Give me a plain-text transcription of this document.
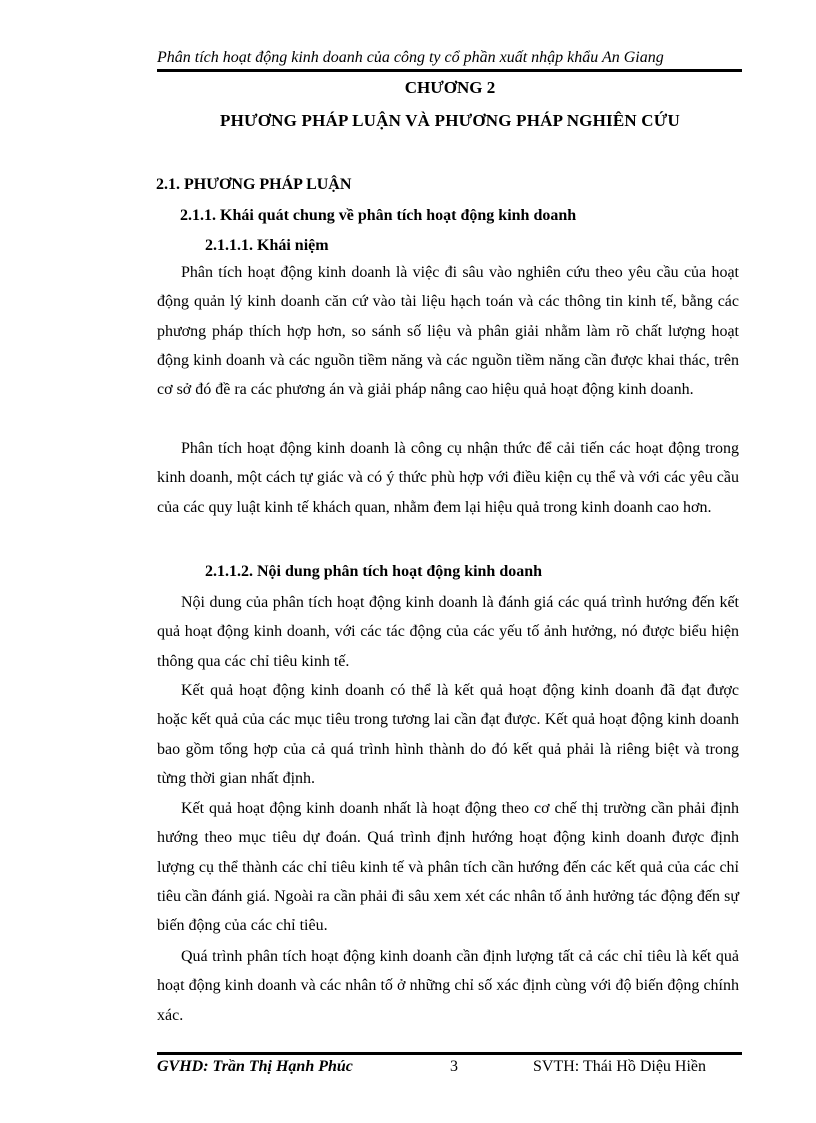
Phân tích hoạt động kinh doanh của công ty cổ phần xuất nhập khẩu An Giang
CHƯƠNG 2
PHƯƠNG PHÁP LUẬN VÀ PHƯƠNG PHÁP NGHIÊN CỨU
2.1. PHƯƠNG PHÁP LUẬN
2.1.1. Khái quát chung về phân tích hoạt động kinh doanh
2.1.1.1. Khái niệm

Phân tích hoạt động kinh doanh là việc đi sâu vào nghiên cứu theo yêu cầu của hoạt động quản lý kinh doanh căn cứ vào tài liệu hạch toán và các thông tin kinh tế, bằng các phương pháp thích hợp hơn, so sánh số liệu và phân giải nhằm làm rõ chất lượng hoạt động kinh doanh và các nguồn tiềm năng và các nguồn tiềm năng cần được khai thác, trên cơ sở đó đề ra các phương án và giải pháp nâng cao hiệu quả hoạt động kinh doanh.

Phân tích hoạt động kinh doanh là công cụ nhận thức để cải tiến các hoạt động trong kinh doanh, một cách tự giác và có ý thức phù hợp với điều kiện cụ thể và với các yêu cầu của các quy luật kinh tế khách quan, nhằm đem lại hiệu quả trong kinh doanh cao hơn.

2.1.1.2. Nội dung phân tích hoạt động kinh doanh

Nội dung của phân tích hoạt động kinh doanh là đánh giá các quá trình hướng đến kết quả hoạt động kinh doanh, với các tác động của các yếu tố ảnh hưởng, nó được biểu hiện thông qua các chỉ tiêu kinh tế.

Kết quả hoạt động kinh doanh có thể là kết quả hoạt động kinh doanh đã đạt được hoặc kết quả của các mục tiêu trong tương lai cần đạt được. Kết quả hoạt động kinh doanh bao gồm tổng hợp của cả quá trình hình thành do đó kết quả phải là riêng biệt và trong từng thời gian nhất định.

Kết quả hoạt động kinh doanh nhất là hoạt động theo cơ chế thị trường cần phải định hướng theo mục tiêu dự đoán. Quá trình định hướng hoạt động kinh doanh được định lượng cụ thể thành các chỉ tiêu kinh tế và phân tích cần hướng đến các kết quả của các chỉ tiêu cần đánh giá. Ngoài ra cần phải đi sâu xem xét các nhân tố ảnh hưởng tác động đến sự biến động của các chỉ tiêu.

Quá trình phân tích hoạt động kinh doanh cần định lượng tất cả các chỉ tiêu là kết quả hoạt động kinh doanh và các nhân tố ở những chỉ số xác định cùng với độ biến động chính xác.

GVHD: Trần Thị Hạnh Phúc	3	SVTH: Thái Hồ Diệu Hiền
